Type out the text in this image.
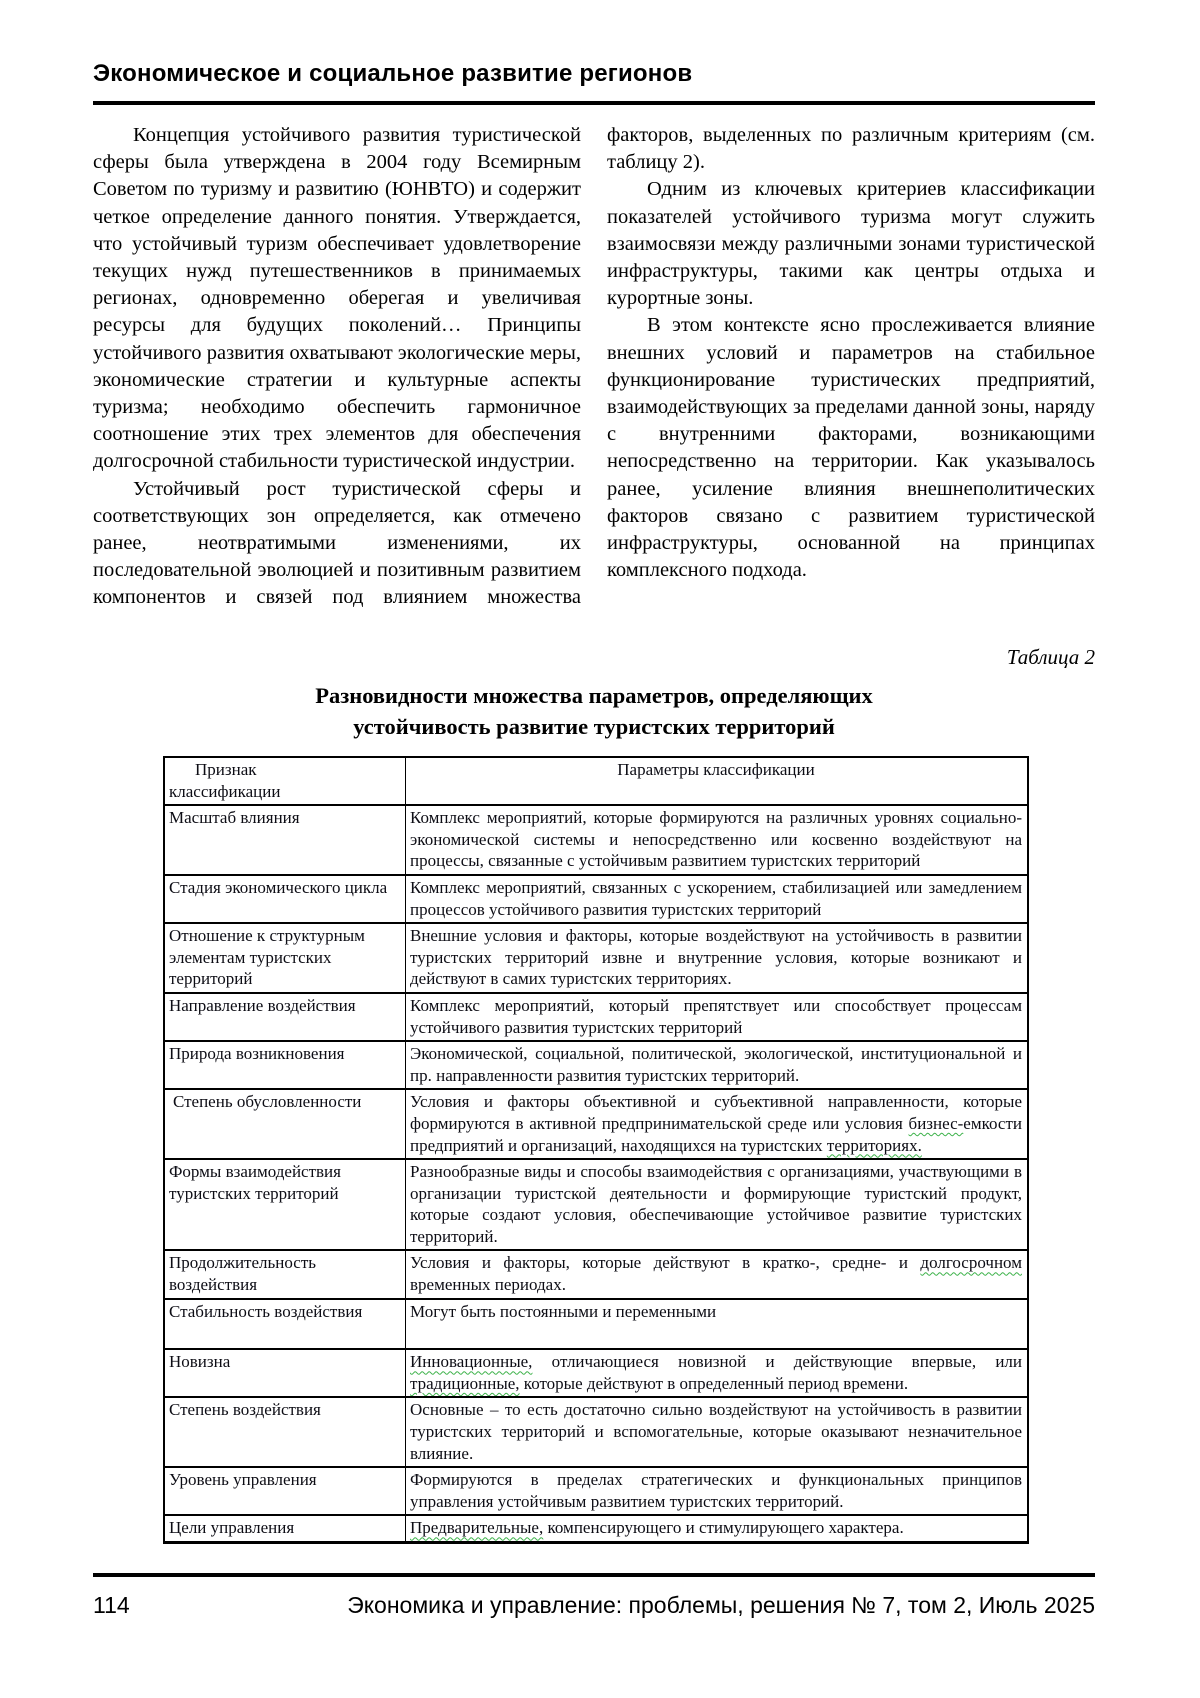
Экономическое и социальное развитие регионов

Концепция устойчивого развития туристической сферы была утверждена в 2004 году Всемирным Советом по туризму и развитию (ЮНВТО) и содержит четкое определение данного понятия. Утверждается, что устойчивый туризм обеспечивает удовлетворение текущих нужд путешественников в принимаемых регионах, одновременно оберегая и увеличивая ресурсы для будущих поколений… Принципы устойчивого развития охватывают экологические меры, экономические стратегии и культурные аспекты туризма; необходимо обеспечить гармоничное соотношение этих трех элементов для обеспечения долгосрочной стабильности туристической индустрии.

Устойчивый рост туристической сферы и соответствующих зон определяется, как отмечено ранее, неотвратимыми изменениями, их последовательной эволюцией и позитивным развитием компонентов и связей под влиянием множества факторов, выделенных по различным критериям (см. таблицу 2).

Одним из ключевых критериев классификации показателей устойчивого туризма могут служить взаимосвязи между различными зонами туристической инфраструктуры, такими как центры отдыха и курортные зоны.

В этом контексте ясно прослеживается влияние внешних условий и параметров на стабильное функционирование туристических предприятий, взаимодействующих за пределами данной зоны, наряду с внутренними факторами, возникающими непосредственно на территории. Как указывалось ранее, усиление влияния внешнеполитических факторов связано с развитием туристической инфраструктуры, основанной на принципах комплексного подхода.

Таблица 2
Разновидности множества параметров, определяющих
устойчивость развитие туристских территорий
Признак
классификации	Параметры классификации
Масштаб влияния	Комплекс мероприятий, которые формируются на различных уровнях социально-экономической системы и непосредственно или косвенно воздействуют на процессы, связанные с устойчивым развитием туристских территорий
Стадия экономического цикла	Комплекс мероприятий, связанных с ускорением, стабилизацией или замедлением процессов устойчивого развития туристских территорий
Отношение к структурным элементам туристских территорий	Внешние условия и факторы, которые воздействуют на устойчивость в развитии туристских территорий извне и внутренние условия, которые возникают и действуют в самих туристских территориях.
Направление воздействия	Комплекс мероприятий, который препятствует или способствует процессам устойчивого развития туристских территорий
Природа возникновения	Экономической, социальной, политической, экологической, институциональной и пр. направленности развития туристских территорий.
Степень обусловленности	Условия и факторы объективной и субъективной направленности, которые формируются в активной предпринимательской среде или условия бизнес-емкости предприятий и организаций, находящихся на туристских территориях.
Формы взаимодействия туристских территорий	Разнообразные виды и способы взаимодействия с организациями, участвующими в организации туристской деятельности и формирующие туристский продукт, которые создают условия, обеспечивающие устойчивое развитие туристских территорий.
Продолжительность воздействия	Условия и факторы, которые действуют в кратко-, средне- и долгосрочном временных периодах.
Стабильность воздействия	Могут быть постоянными и переменными
Новизна	Инновационные, отличающиеся новизной и действующие впервые, или традиционные, которые действуют в определенный период времени.
Степень воздействия	Основные – то есть достаточно сильно воздействуют на устойчивость в развитии туристских территорий и вспомогательные, которые оказывают незначительное влияние.
Уровень управления	Формируются в пределах стратегических и функциональных принципов управления устойчивым развитием туристских территорий.
Цели управления	Предварительные, компенсирующего и стимулирующего характера.
114	Экономика и управление: проблемы, решения № 7, том 2, Июль 2025
